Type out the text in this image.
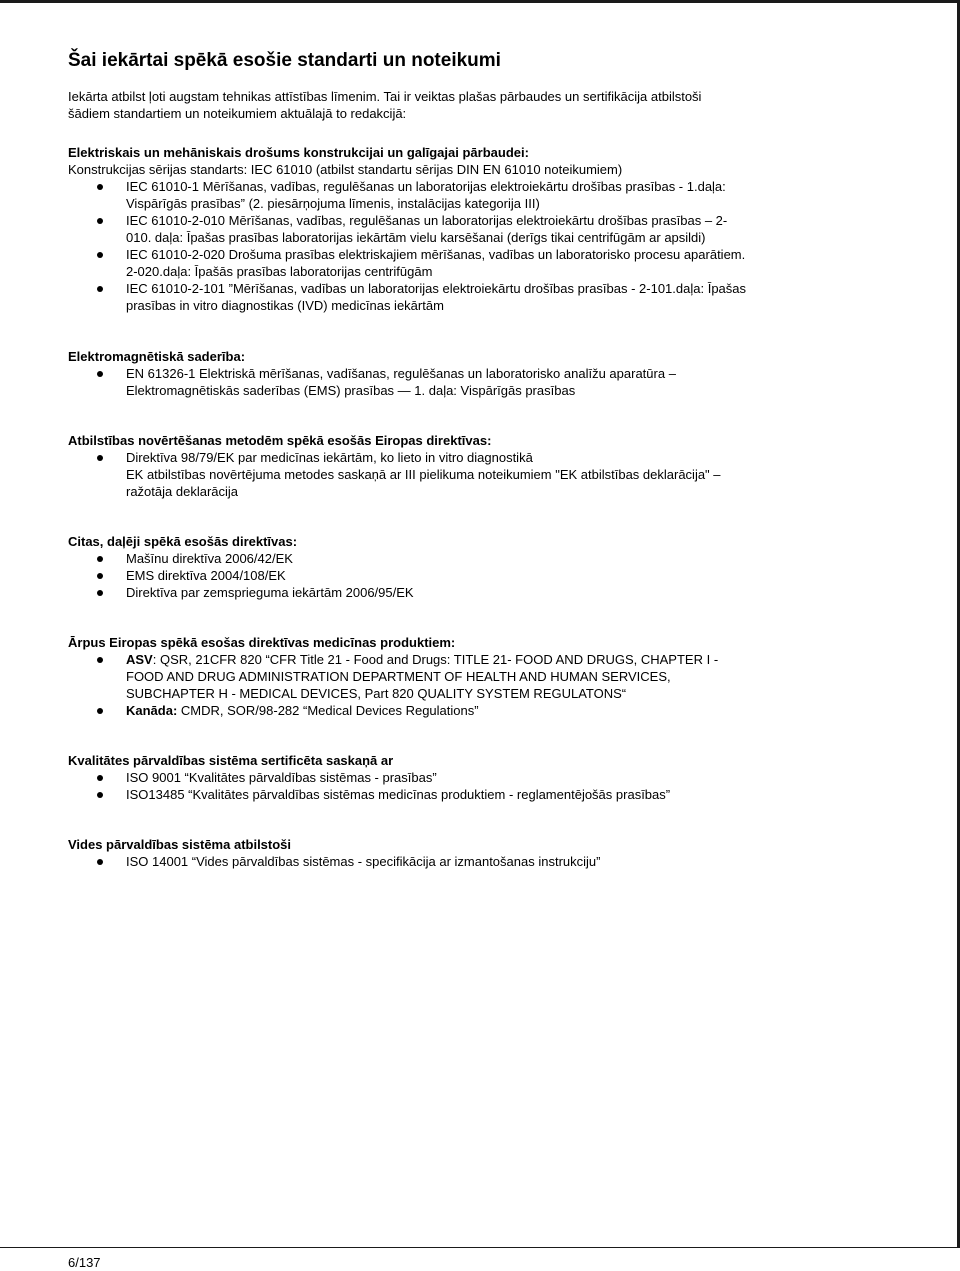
Šai iekārtai spēkā esošie standarti un noteikumi

Iekārta atbilst ļoti augstam tehnikas attīstības līmenim. Tai ir veiktas plašas pārbaudes un sertifikācija atbilstoši

šādiem standartiem un noteikumiem aktuālajā to redakcijā:

Elektriskais un mehāniskais drošums konstrukcijai un galīgajai pārbaudei:

Konstrukcijas sērijas standarts: IEC 61010 (atbilst standartu sērijas DIN EN 61010 noteikumiem)

IEC 61010-1 Mērīšanas, vadības, regulēšanas un laboratorijas elektroiekārtu drošības prasības - 1.daļa:
Vispārīgās prasības” (2. piesārņojuma līmenis, instalācijas kategorija III)
IEC 61010-2-010 Mērīšanas, vadības, regulēšanas un laboratorijas elektroiekārtu drošības prasības – 2-
010. daļa: Īpašas prasības laboratorijas iekārtām vielu karsēšanai (derīgs tikai centrifūgām ar apsildi)
IEC 61010-2-020 Drošuma prasības elektriskajiem mērīšanas, vadības un laboratorisko procesu aparātiem.
2-020.daļa: Īpašās prasības laboratorijas centrifūgām
IEC 61010-2-101 ”Mērīšanas, vadības un laboratorijas elektroiekārtu drošības prasības - 2-101.daļa: Īpašas
prasības in vitro diagnostikas (IVD) medicīnas iekārtām

Elektromagnētiskā saderība:

EN 61326-1 Elektriskā mērīšanas, vadīšanas, regulēšanas un laboratorisko analīžu aparatūra –
Elektromagnētiskās saderības (EMS) prasības — 1. daļa: Vispārīgās prasības

Atbilstības novērtēšanas metodēm spēkā esošās Eiropas direktīvas:

Direktīva 98/79/EK par medicīnas iekārtām, ko lieto in vitro diagnostikā
EK atbilstības novērtējuma metodes saskaņā ar III pielikuma noteikumiem "EK atbilstības deklarācija" –
ražotāja deklarācija

Citas, daļēji spēkā esošās direktīvas:

Mašīnu direktīva 2006/42/EK
EMS direktīva 2004/108/EK
Direktīva par zemsprieguma iekārtām 2006/95/EK

Ārpus Eiropas spēkā esošas direktīvas medicīnas produktiem:

ASV: QSR, 21CFR 820 “CFR Title 21 - Food and Drugs: TITLE 21- FOOD AND DRUGS, CHAPTER I -
FOOD AND DRUG ADMINISTRATION DEPARTMENT OF HEALTH AND HUMAN SERVICES,
SUBCHAPTER H - MEDICAL DEVICES, Part 820 QUALITY SYSTEM REGULATONS“
Kanāda: CMDR, SOR/98-282 “Medical Devices Regulations”

Kvalitātes pārvaldības sistēma sertificēta saskaņā ar

ISO 9001 “Kvalitātes pārvaldības sistēmas - prasības”
ISO13485 “Kvalitātes pārvaldības sistēmas medicīnas produktiem - reglamentējošās prasības”

Vides pārvaldības sistēma atbilstoši

ISO 14001 “Vides pārvaldības sistēmas - specifikācija ar izmantošanas instrukciju”
6/137
